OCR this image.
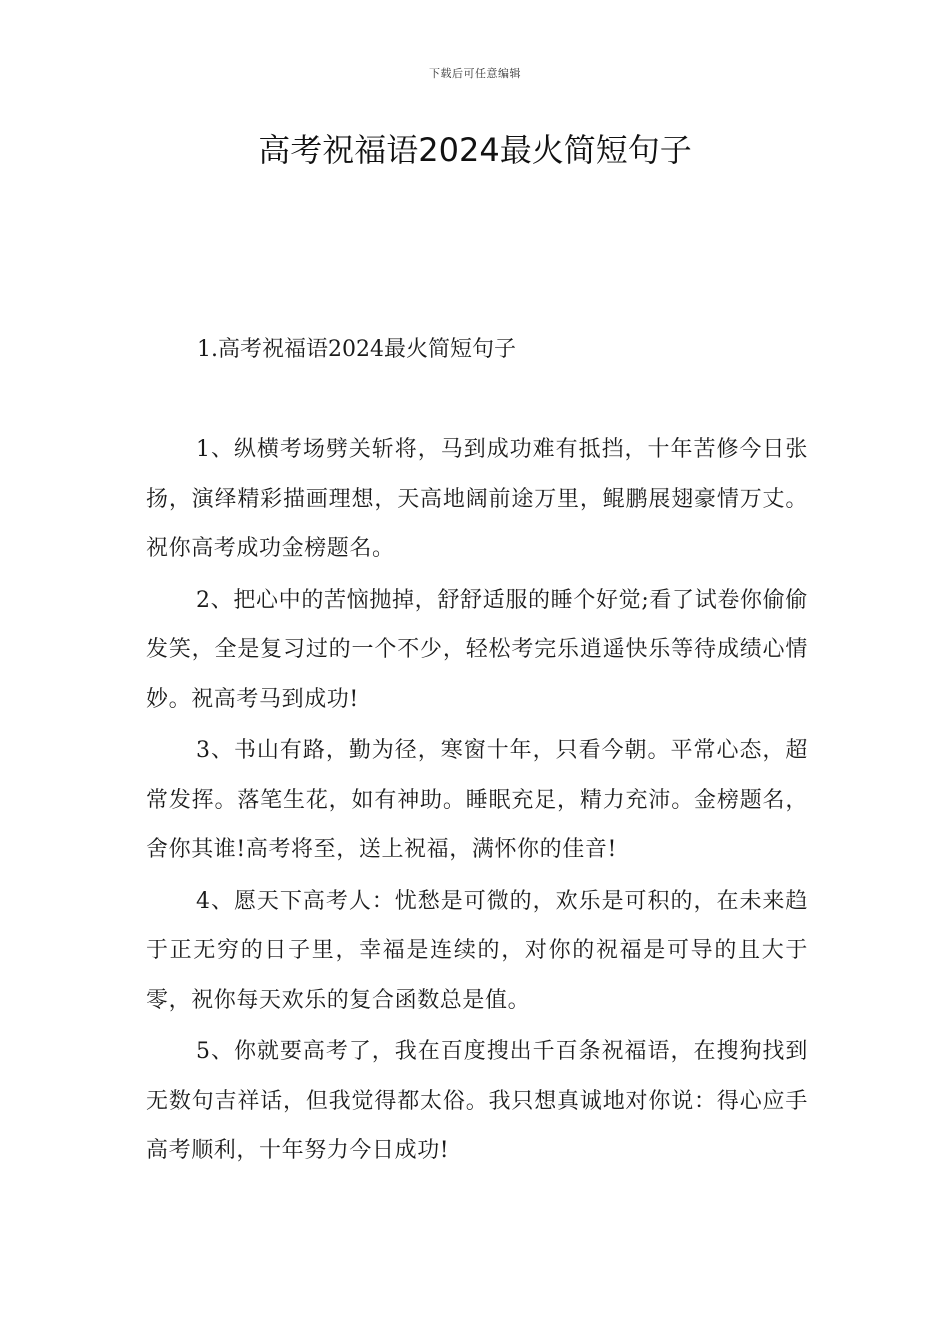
下载后可任意编辑
高考祝福语2024最火简短句子
1.高考祝福语2024最火简短句子

1、纵横考场劈关斩将，马到成功难有抵挡，十年苦修今日张扬，演绎精彩描画理想，天高地阔前途万里，鲲鹏展翅豪情万丈。祝你高考成功金榜题名。

2、把心中的苦恼抛掉，舒舒适服的睡个好觉;看了试卷你偷偷发笑，全是复习过的一个不少，轻松考完乐逍遥快乐等待成绩心情妙。祝高考马到成功!

3、书山有路，勤为径，寒窗十年，只看今朝。平常心态，超常发挥。落笔生花，如有神助。睡眠充足，精力充沛。金榜题名，舍你其谁!高考将至，送上祝福，满怀你的佳音!

4、愿天下高考人：忧愁是可微的，欢乐是可积的，在未来趋于正无穷的日子里，幸福是连续的，对你的祝福是可导的且大于零，祝你每天欢乐的复合函数总是值。

5、你就要高考了，我在百度搜出千百条祝福语，在搜狗找到无数句吉祥话，但我觉得都太俗。我只想真诚地对你说：得心应手高考顺利，十年努力今日成功!
